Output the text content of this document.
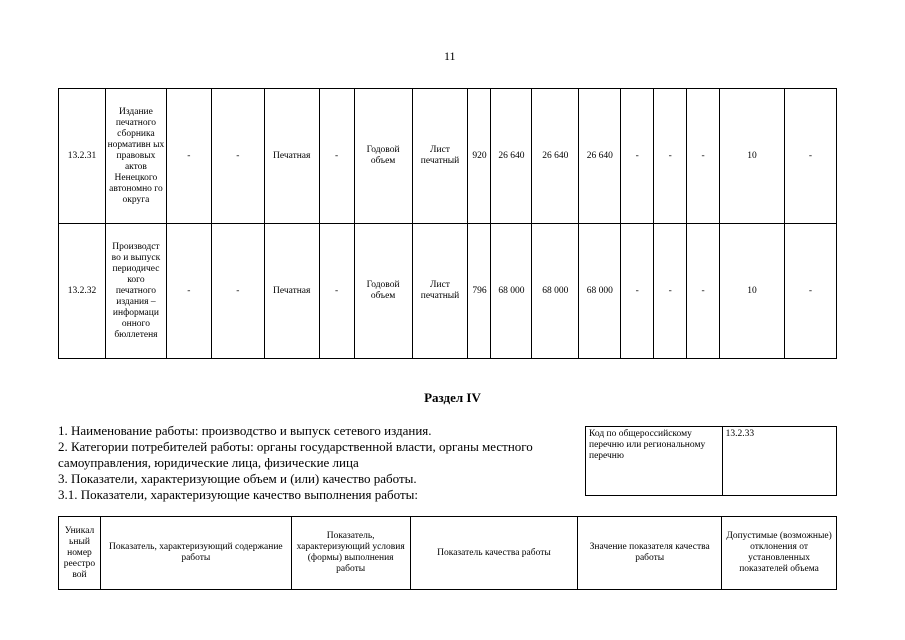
11
13.2.31	Издание печатного сборника нормативн ых правовых актов Ненецкого автономно го округа	-	-	Печатная	-	Годовой объем	Лист печатный	920	26 640	26 640	26 640	-	-	-	10	-
13.2.32	Производст во и выпуск периодичес кого печатного издания – информаци онного бюллетеня	-	-	Печатная	-	Годовой объем	Лист печатный	796	68 000	68 000	68 000	-	-	-	10	-
Раздел IV
1. Наименование работы: производство и выпуск сетевого издания.
2. Категории потребителей работы: органы государственной власти, органы местного
самоуправления, юридические лица, физические лица
3. Показатели, характеризующие объем и (или) качество работы.
3.1. Показатели, характеризующие качество выполнения работы:
Код по общероссийскому перечню или региональному перечню	13.2.33
Уникал ьный номер реестро вой	Показатель, характеризующий содержание работы	Показатель, характеризующий условия (формы) выполнения работы	Показатель качества работы	Значение показателя качества работы	Допустимые (возможные) отклонения от установленных показателей объема
